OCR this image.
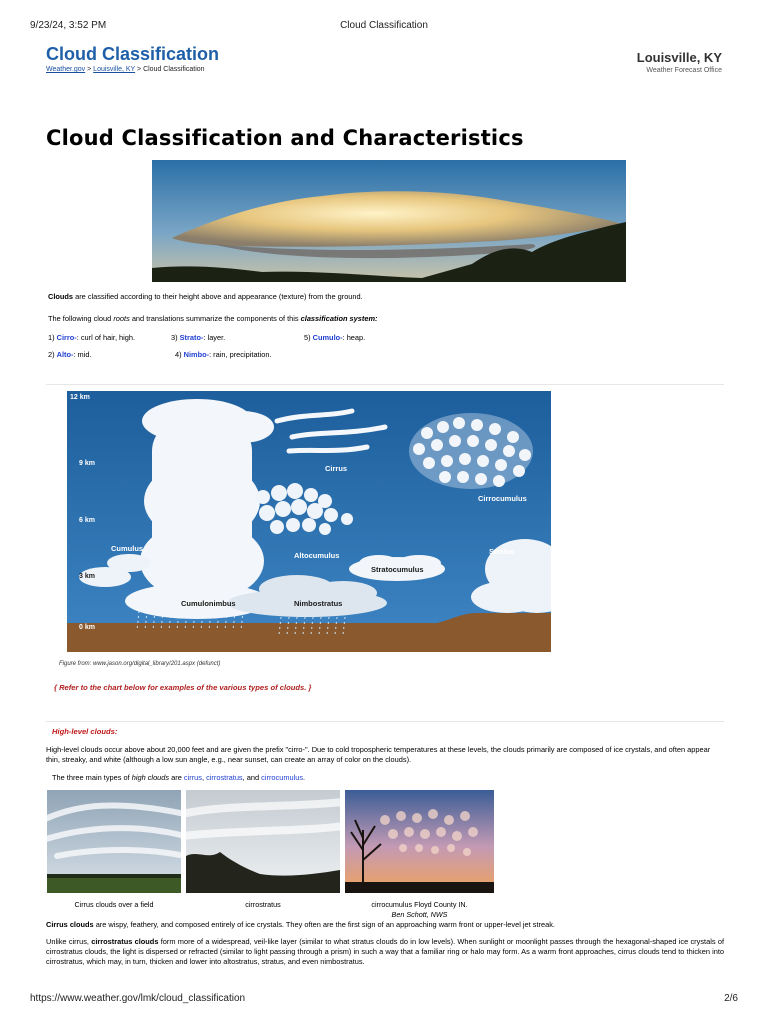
9/23/24, 3:52 PM	Cloud Classification
Cloud Classification
Weather.gov > Louisville, KY > Cloud Classification
Louisville, KY
Weather Forecast Office
Cloud Classification and Characteristics
Clouds are classified according to their height above and appearance (texture) from the ground.
The following cloud roots and translations summarize the components of this classification system:
1) Cirro-: curl of hair, high.	3) Strato-: layer.	5) Cumulo-: heap.
2) Alto-: mid.	4) Nimbo-: rain, precipitation.
12 km
9 km
6 km
3 km
0 km
Cirrus
Cirrocumulus
Cumulus
Altocumulus	Stratus
Stratocumulus
Cumulonimbus	Nimbostratus
Figure from: www.jason.org/digital_library/201.aspx (defunct)
{ Refer to the chart below for examples of the various types of clouds. }
High-level clouds:
High-level clouds occur above about 20,000 feet and are given the prefix "cirro-". Due to cold tropospheric temperatures at these levels, the clouds primarily are composed of ice crystals, and often appear thin, streaky, and white (although a low sun angle, e.g., near sunset, can create an array of color on the clouds).
The three main types of high clouds are cirrus, cirrostratus, and cirrocumulus.
Cirrus clouds over a field	cirrostratus	cirrocumulus Floyd County IN.
Ben Schott, NWS
Cirrus clouds are wispy, feathery, and composed entirely of ice crystals. They often are the first sign of an approaching warm front or upper-level jet streak.
Unlike cirrus, cirrostratus clouds form more of a widespread, veil-like layer (similar to what stratus clouds do in low levels). When sunlight or moonlight passes through the hexagonal-shaped ice crystals of cirrostratus clouds, the light is dispersed or refracted (similar to light passing through a prism) in such a way that a familiar ring or halo may form. As a warm front approaches, cirrus clouds tend to thicken into cirrostratus, which may, in turn, thicken and lower into altostratus, stratus, and even nimbostratus.
https://www.weather.gov/lmk/cloud_classification	2/6
